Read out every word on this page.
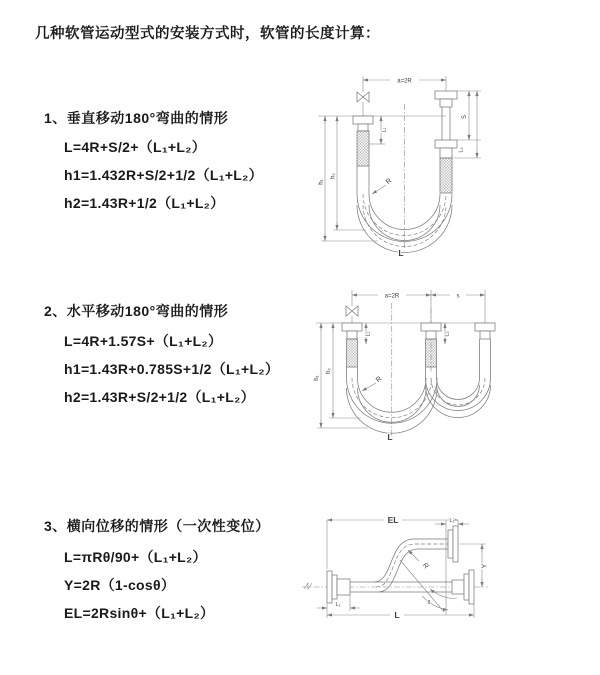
几种软管运动型式的安装方式时，软管的长度计算：
1、垂直移动180°弯曲的情形
L=4R+S/2+（L₁+L₂）
h1=1.432R+S/2+1/2（L₁+L₂）
h2=1.43R+1/2（L₁+L₂）
2、水平移动180°弯曲的情形
L=4R+1.57S+（L₁+L₂）
h1=1.43R+0.785S+1/2（L₁+L₂）
h2=1.43R+S/2+1/2（L₁+L₂）
3、横向位移的情形（一次性变位）
L=πRθ/90+（L₁+L₂）
Y=2R（1-cosθ）
EL=2Rsinθ+（L₁+L₂）
a=2R
h₁
h₂
L₁
S
L₂
R
L
a=2R	s
h₁
h₂
L₁	L₂
R
L
EL	L₂
Y
R
θ
L₁
L
